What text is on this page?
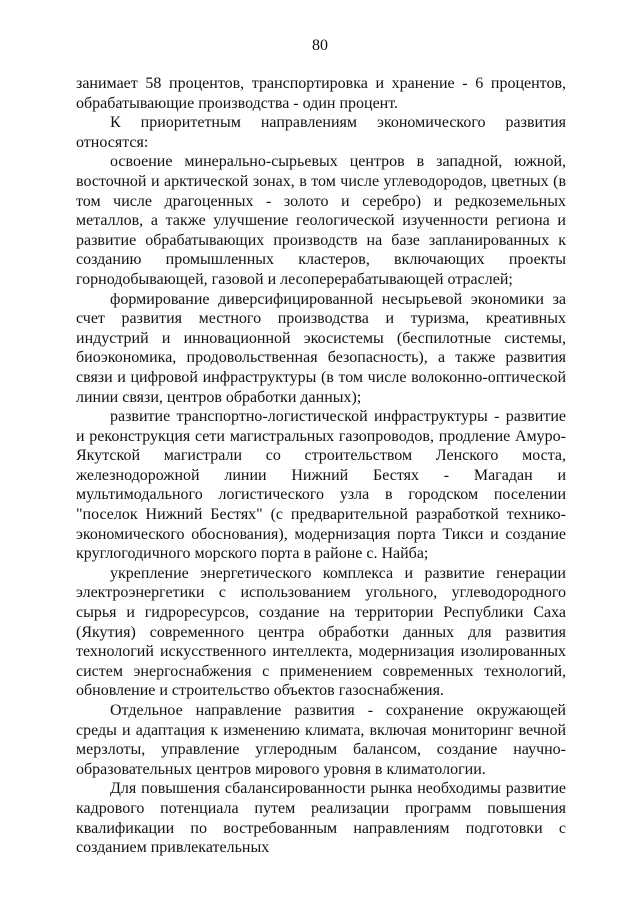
80

занимает 58 процентов, транспортировка и хранение - 6 процентов, обрабатывающие производства - один процент.

К приоритетным направлениям экономического развития относятся:

освоение минерально-сырьевых центров в западной, южной, восточной и арктической зонах, в том числе углеводородов, цветных (в том числе драгоценных - золото и серебро) и редкоземельных металлов, а также улучшение геологической изученности региона и развитие обрабатывающих производств на базе запланированных к созданию промышленных кластеров, включающих проекты горнодобывающей, газовой и лесоперерабатывающей отраслей;

формирование диверсифицированной несырьевой экономики за счет развития местного производства и туризма, креативных индустрий и инновационной экосистемы (беспилотные системы, биоэкономика, продовольственная безопасность), а также развития связи и цифровой инфраструктуры (в том числе волоконно-оптической линии связи, центров обработки данных);

развитие транспортно-логистической инфраструктуры - развитие и реконструкция сети магистральных газопроводов, продление Амуро-Якутской магистрали со строительством Ленского моста, железнодорожной линии Нижний Бестях - Магадан и мультимодального логистического узла в городском поселении "поселок Нижний Бестях" (с предварительной разработкой технико-экономического обоснования), модернизация порта Тикси и создание круглогодичного морского порта в районе с. Найба;

укрепление энергетического комплекса и развитие генерации электроэнергетики с использованием угольного, углеводородного сырья и гидроресурсов, создание на территории Республики Саха (Якутия) современного центра обработки данных для развития технологий искусственного интеллекта, модернизация изолированных систем энергоснабжения с применением современных технологий, обновление и строительство объектов газоснабжения.

Отдельное направление развития - сохранение окружающей среды и адаптация к изменению климата, включая мониторинг вечной мерзлоты, управление углеродным балансом, создание научно-образовательных центров мирового уровня в климатологии.

Для повышения сбалансированности рынка необходимы развитие кадрового потенциала путем реализации программ повышения квалификации по востребованным направлениям подготовки с созданием привлекательных
